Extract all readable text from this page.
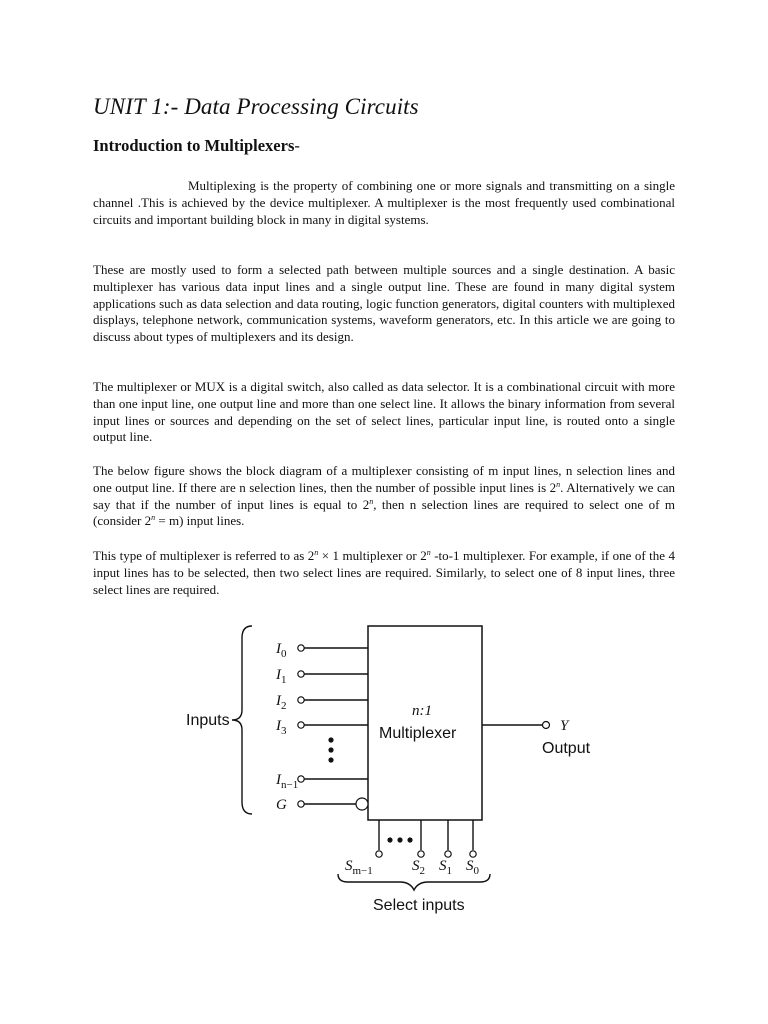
UNIT 1:- Data Processing Circuits
Introduction to Multiplexers-

Multiplexing is the property of combining one or more signals and transmitting on a single channel .This is achieved by the device multiplexer. A multiplexer is the most frequently used combinational circuits and important building block in many in digital systems.

These are mostly used to form a selected path between multiple sources and a single destination. A basic multiplexer has various data input lines and a single output line. These are found in many digital system applications such as data selection and data routing, logic function generators, digital counters with multiplexed displays, telephone network, communication systems, waveform generators, etc. In this article we are going to discuss about types of multiplexers and its design.

The multiplexer or MUX is a digital switch, also called as data selector. It is a combinational circuit with more than one input line, one output line and more than one select line. It allows the binary information from several input lines or sources and depending on the set of select lines, particular input line, is routed onto a single output line.

The below figure shows the block diagram of a multiplexer consisting of m input lines, n selection lines and one output line. If there are n selection lines, then the number of possible input lines is 2$^n$. Alternatively we can say that if the number of input lines is equal to 2$^n$, then n selection lines are required to select one of m (consider $2^n = m$) input lines.

This type of multiplexer is referred to as $2^n \times 1$ multiplexer or 2$^n$ -to-1 multiplexer. For example, if one of the 4 input lines has to be selected, then two select lines are required. Similarly, to select one of 8 input lines, three select lines are required.

Inputs
n:1
Multiplexer
$I_0$
$I_1$
$I_2$
$I_3$
$I_{n-1}$
G
Y
Output
$S_{m-1}$	$S_2$ $S_1$ $S_0$
Select inputs
